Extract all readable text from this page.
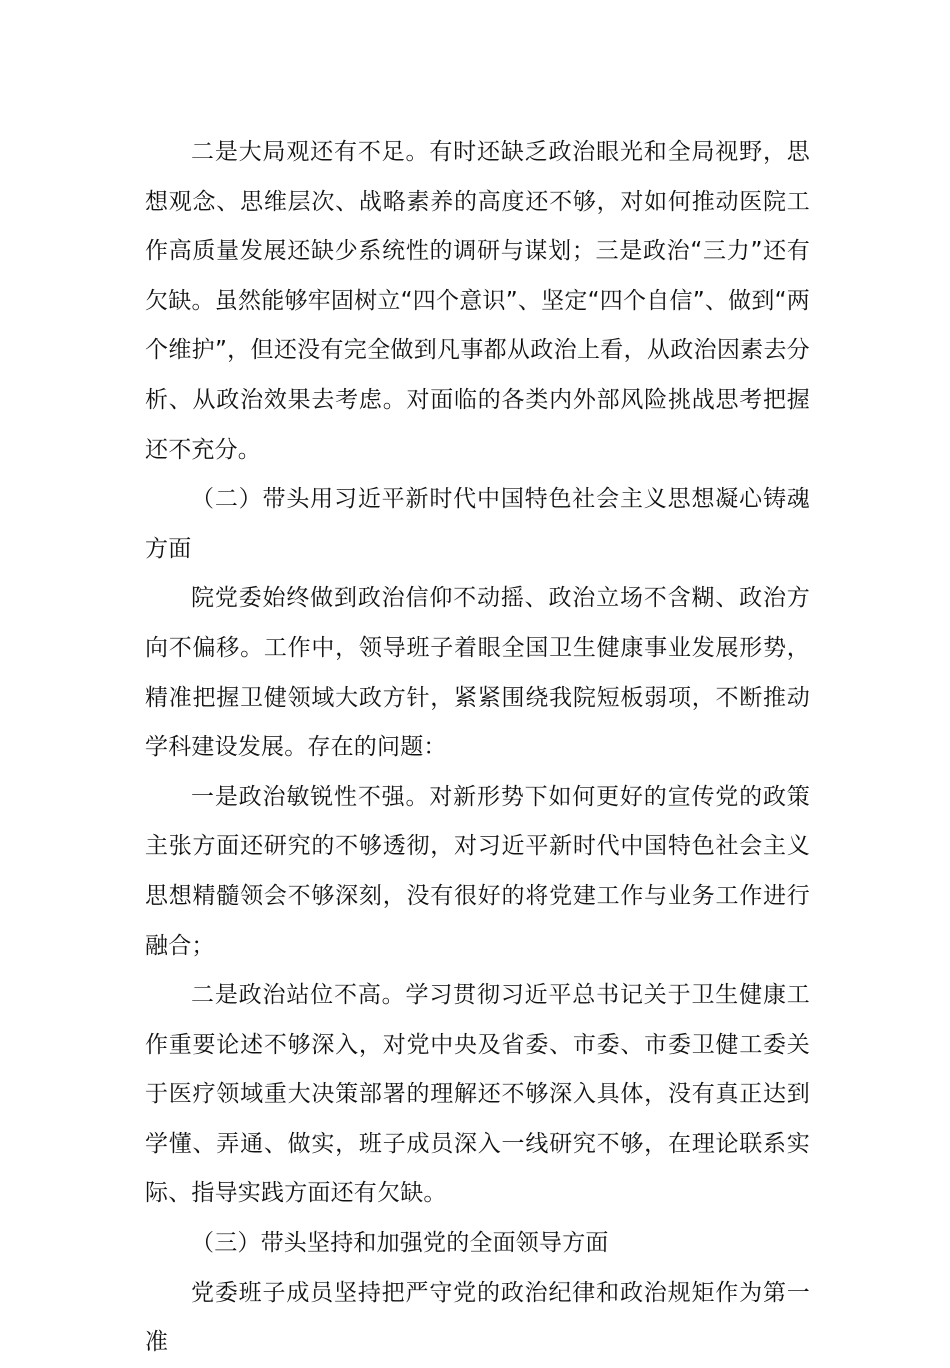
二是大局观还有不足。有时还缺乏政治眼光和全局视野，思想观念、思维层次、战略素养的高度还不够，对如何推动医院工作高质量发展还缺少系统性的调研与谋划；三是政治“三力”还有欠缺。虽然能够牢固树立“四个意识”、坚定“四个自信”、做到“两个维护”，但还没有完全做到凡事都从政治上看，从政治因素去分析、从政治效果去考虑。对面临的各类内外部风险挑战思考把握还不充分。

（二）带头用习近平新时代中国特色社会主义思想凝心铸魂方面

院党委始终做到政治信仰不动摇、政治立场不含糊、政治方向不偏移。工作中，领导班子着眼全国卫生健康事业发展形势，精准把握卫健领域大政方针，紧紧围绕我院短板弱项，不断推动学科建设发展。存在的问题：

一是政治敏锐性不强。对新形势下如何更好的宣传党的政策主张方面还研究的不够透彻，对习近平新时代中国特色社会主义思想精髓领会不够深刻，没有很好的将党建工作与业务工作进行融合；

二是政治站位不高。学习贯彻习近平总书记关于卫生健康工作重要论述不够深入，对党中央及省委、市委、市委卫健工委关于医疗领域重大决策部署的理解还不够深入具体，没有真正达到学懂、弄通、做实，班子成员深入一线研究不够，在理论联系实际、指导实践方面还有欠缺。

（三）带头坚持和加强党的全面领导方面

党委班子成员坚持把严守党的政治纪律和政治规矩作为第一准
